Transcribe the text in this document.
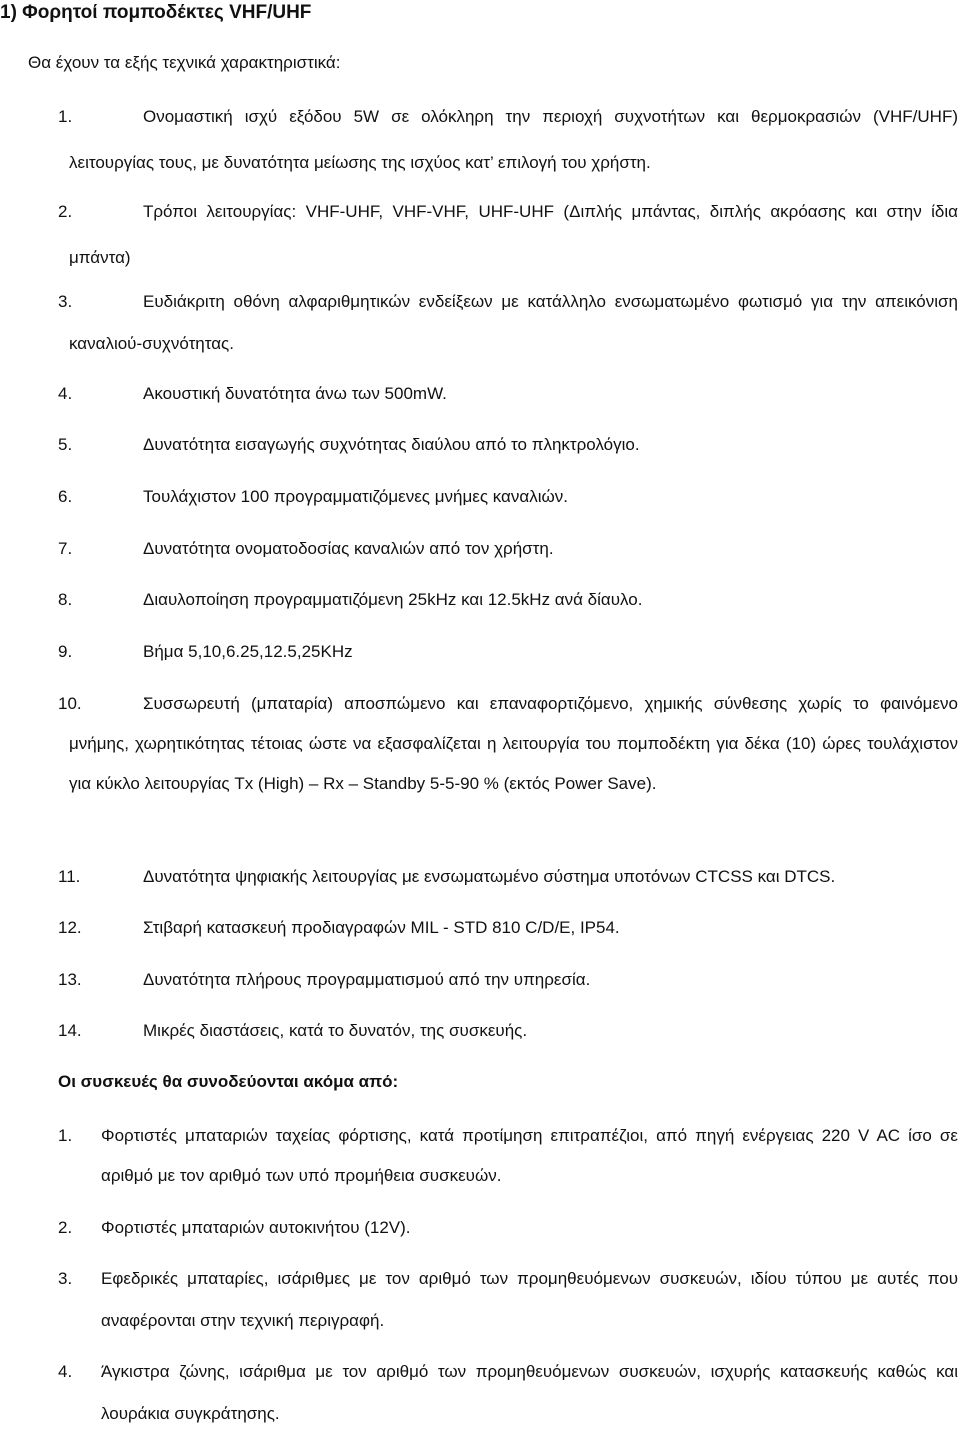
1) Φορητοί πομποδέκτες VHF/UHF
Θα έχουν τα εξής τεχνικά χαρακτηριστικά:
1.	Ονομαστική ισχύ εξόδου 5W σε ολόκληρη την περιοχή συχνοτήτων και θερμοκρασιών (VHF/UHF) λειτουργίας τους, με δυνατότητα μείωσης της ισχύος κατ’ επιλογή του χρήστη.
2.	Τρόποι λειτουργίας: VHF-UHF, VHF-VHF, UHF-UHF (Διπλής μπάντας, διπλής ακρόασης και στην ίδια μπάντα)
3.	Ευδιάκριτη οθόνη αλφαριθμητικών ενδείξεων με κατάλληλο ενσωματωμένο φωτισμό για την απεικόνιση καναλιού-συχνότητας.
4.	Ακουστική δυνατότητα άνω των 500mW.
5.	Δυνατότητα εισαγωγής συχνότητας διαύλου από το πληκτρολόγιο.
6.	Τουλάχιστον 100 προγραμματιζόμενες μνήμες καναλιών.
7.	Δυνατότητα ονοματοδοσίας καναλιών από τον χρήστη.
8.	Διαυλοποίηση προγραμματιζόμενη 25kHz και 12.5kHz ανά δίαυλο.
9.	Βήμα 5,10,6.25,12.5,25KHz
10.	Συσσωρευτή (μπαταρία) αποσπώμενο και επαναφορτιζόμενο, χημικής σύνθεσης χωρίς το φαινόμενο μνήμης, χωρητικότητας τέτοιας ώστε να εξασφαλίζεται η λειτουργία του πομποδέκτη για δέκα (10) ώρες τουλάχιστον για κύκλο λειτουργίας Tx (High) – Rx – Standby 5-5-90 % (εκτός Power Save).
11.	Δυνατότητα ψηφιακής λειτουργίας με ενσωματωμένο σύστημα υποτόνων CTCSS και DTCS.
12.	Στιβαρή κατασκευή προδιαγραφών MIL - STD 810 C/D/E, IP54.
13.	Δυνατότητα πλήρους προγραμματισμού από την υπηρεσία.
14.	Μικρές διαστάσεις, κατά το δυνατόν, της συσκευής.
Οι συσκευές θα συνοδεύονται ακόμα από:
1. Φορτιστές μπαταριών ταχείας φόρτισης, κατά προτίμηση επιτραπέζιοι, από πηγή ενέργειας 220 V AC ίσο σε αριθμό με τον αριθμό των υπό προμήθεια συσκευών.
2. Φορτιστές μπαταριών αυτοκινήτου (12V).
3. Εφεδρικές μπαταρίες, ισάριθμες με τον αριθμό των προμηθευόμενων συσκευών, ιδίου τύπου με αυτές που αναφέρονται στην τεχνική περιγραφή.
4. Άγκιστρα ζώνης, ισάριθμα με τον αριθμό των προμηθευόμενων συσκευών, ισχυρής κατασκευής καθώς και λουράκια συγκράτησης.
